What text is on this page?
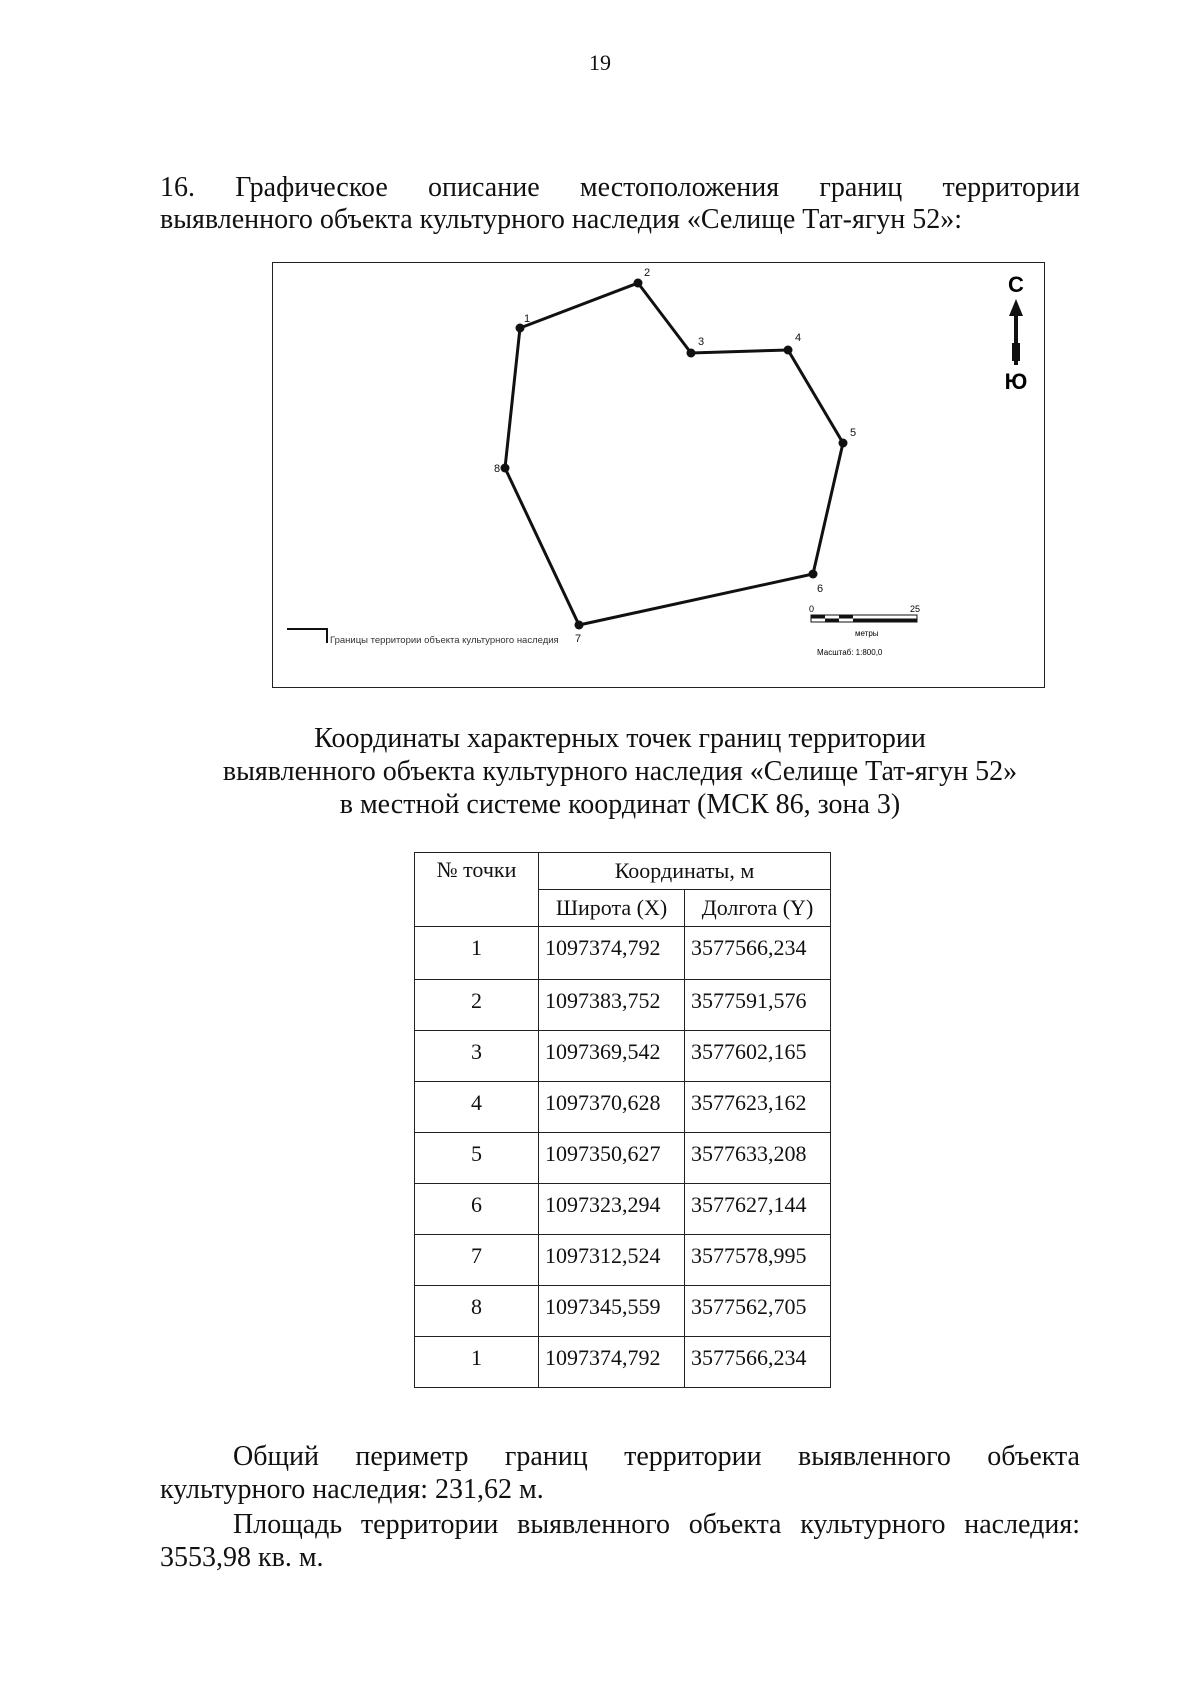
19
16. Графическое описание местоположения границ территории
выявленного объекта культурного наследия «Селище Тат-ягун 52»:
1
2
3	4
5
6
7
8
С
Ю
Границы территории объекта культурного наследия
0	25
метры
Масштаб: 1:800,0
Координаты характерных точек границ территории
выявленного объекта культурного наследия «Селище Тат-ягун 52»
в местной системе координат (МСК 86, зона 3)
№ точки	Координаты, м	
	Широта (X)	Долгота (Y)
1	1097374,792	3577566,234
2	1097383,752	3577591,576
3	1097369,542	3577602,165
4	1097370,628	3577623,162
5	1097350,627	3577633,208
6	1097323,294	3577627,144
7	1097312,524	3577578,995
8	1097345,559	3577562,705
1	1097374,792	3577566,234
Общий периметр границ территории выявленного объекта
культурного наследия: 231,62 м.
Площадь территории выявленного объекта культурного наследия:
3553,98 кв. м.
